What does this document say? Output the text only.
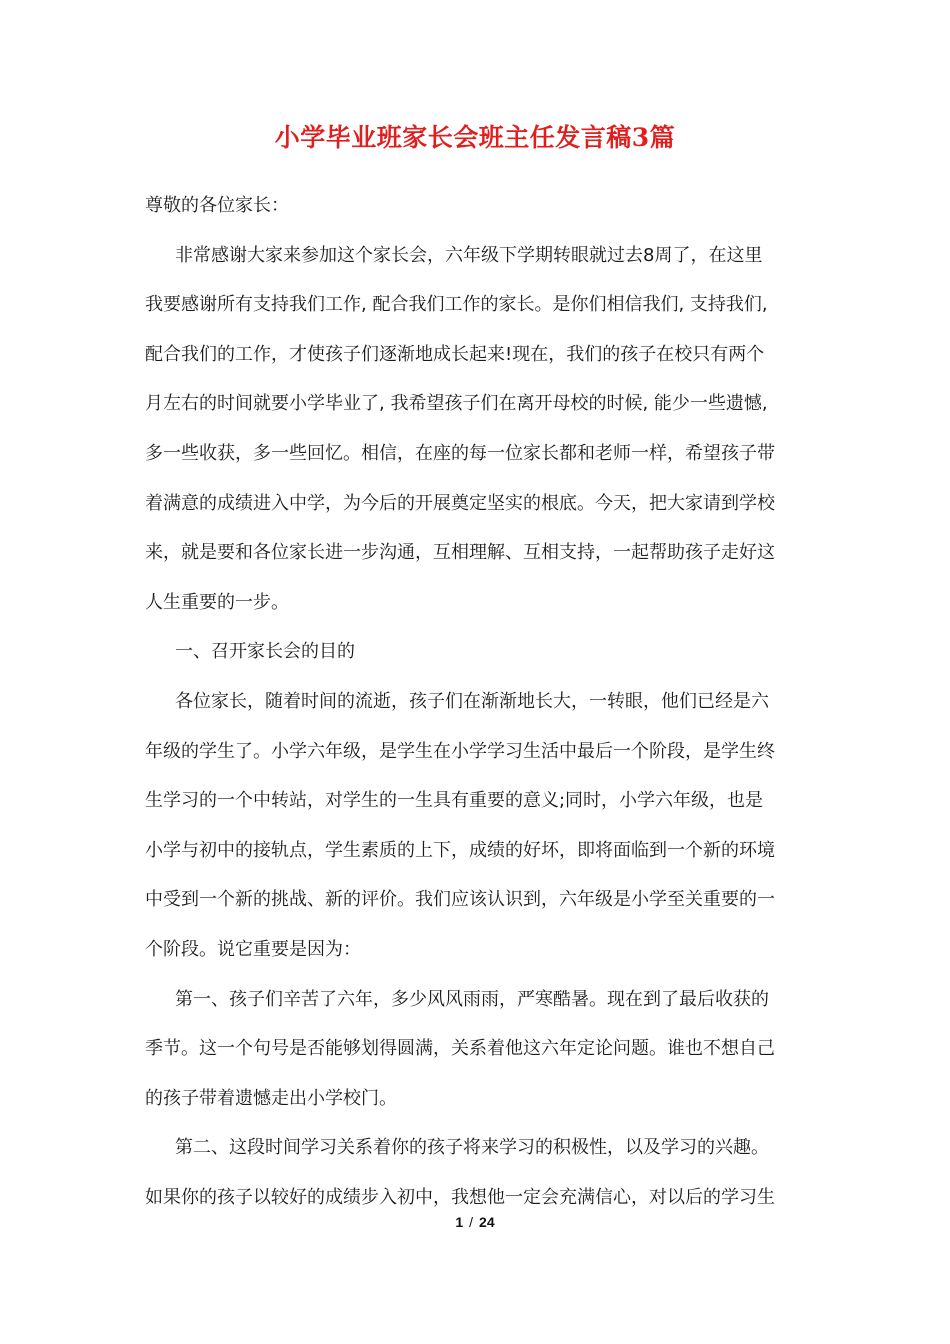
小学毕业班家长会班主任发言稿3篇
尊敬的各位家长：
非常感谢大家来参加这个家长会，六年级下学期转眼就过去8周了，在这里
我要感谢所有支持我们工作, 配合我们工作的家长。是你们相信我们, 支持我们,
配合我们的工作，才使孩子们逐渐地成长起来!现在，我们的孩子在校只有两个
月左右的时间就要小学毕业了, 我希望孩子们在离开母校的时候, 能少一些遗憾,
多一些收获，多一些回忆。相信，在座的每一位家长都和老师一样，希望孩子带
着满意的成绩进入中学，为今后的开展奠定坚实的根底。今天，把大家请到学校
来，就是要和各位家长进一步沟通，互相理解、互相支持，一起帮助孩子走好这
人生重要的一步。
一、召开家长会的目的
各位家长，随着时间的流逝，孩子们在渐渐地长大，一转眼，他们已经是六
年级的学生了。小学六年级，是学生在小学学习生活中最后一个阶段，是学生终
生学习的一个中转站，对学生的一生具有重要的意义;同时，小学六年级，也是
小学与初中的接轨点，学生素质的上下，成绩的好坏，即将面临到一个新的环境
中受到一个新的挑战、新的评价。我们应该认识到，六年级是小学至关重要的一
个阶段。说它重要是因为：
第一、孩子们辛苦了六年，多少风风雨雨，严寒酷暑。现在到了最后收获的
季节。这一个句号是否能够划得圆满，关系着他这六年定论问题。谁也不想自己
的孩子带着遗憾走出小学校门。
第二、这段时间学习关系着你的孩子将来学习的积极性，以及学习的兴趣。
如果你的孩子以较好的成绩步入初中，我想他一定会充满信心，对以后的学习生
1 / 24
